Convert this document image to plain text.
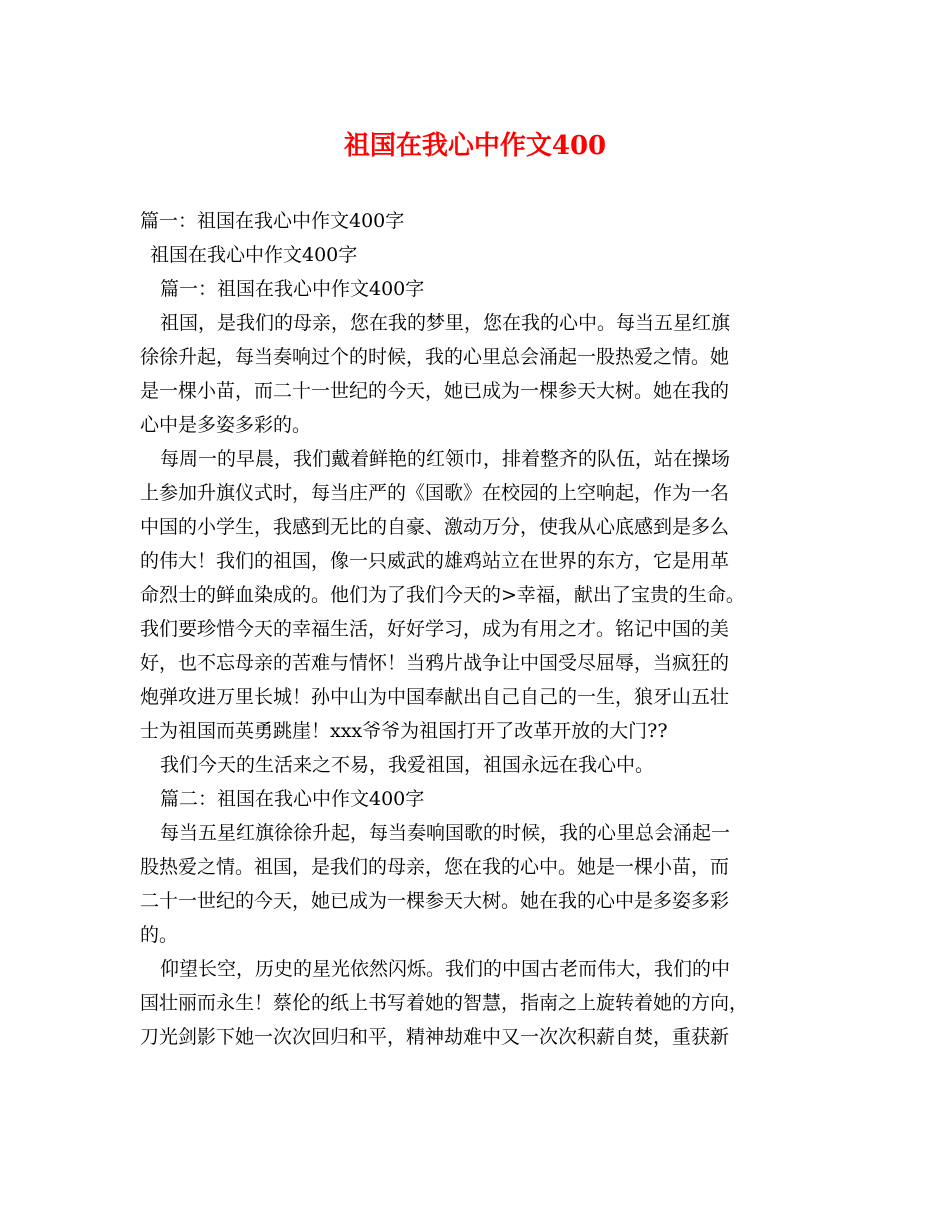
祖国在我心中作文400
篇一：祖国在我心中作文400字
祖国在我心中作文400字
篇一：祖国在我心中作文400字
祖国，是我们的母亲，您在我的梦里，您在我的心中。每当五星红旗
徐徐升起，每当奏响过个的时候，我的心里总会涌起一股热爱之情。她
是一棵小苗，而二十一世纪的今天，她已成为一棵参天大树。她在我的
心中是多姿多彩的。
每周一的早晨，我们戴着鲜艳的红领巾，排着整齐的队伍，站在操场
上参加升旗仪式时，每当庄严的《国歌》在校园的上空响起，作为一名
中国的小学生，我感到无比的自豪、激动万分，使我从心底感到是多么
的伟大！我们的祖国，像一只威武的雄鸡站立在世界的东方，它是用革
命烈士的鲜血染成的。他们为了我们今天的>幸福，献出了宝贵的生命。
我们要珍惜今天的幸福生活，好好学习，成为有用之才。铭记中国的美
好，也不忘母亲的苦难与情怀！当鸦片战争让中国受尽屈辱，当疯狂的
炮弹攻进万里长城！孙中山为中国奉献出自己自己的一生，狼牙山五壮
士为祖国而英勇跳崖！xxx爷爷为祖国打开了改革开放的大门??
我们今天的生活来之不易，我爱祖国，祖国永远在我心中。
篇二：祖国在我心中作文400字
每当五星红旗徐徐升起，每当奏响国歌的时候，我的心里总会涌起一
股热爱之情。祖国，是我们的母亲，您在我的心中。她是一棵小苗，而
二十一世纪的今天，她已成为一棵参天大树。她在我的心中是多姿多彩
的。
仰望长空，历史的星光依然闪烁。我们的中国古老而伟大，我们的中
国壮丽而永生！蔡伦的纸上书写着她的智慧，指南之上旋转着她的方向，
刀光剑影下她一次次回归和平，精神劫难中又一次次积薪自焚，重获新
